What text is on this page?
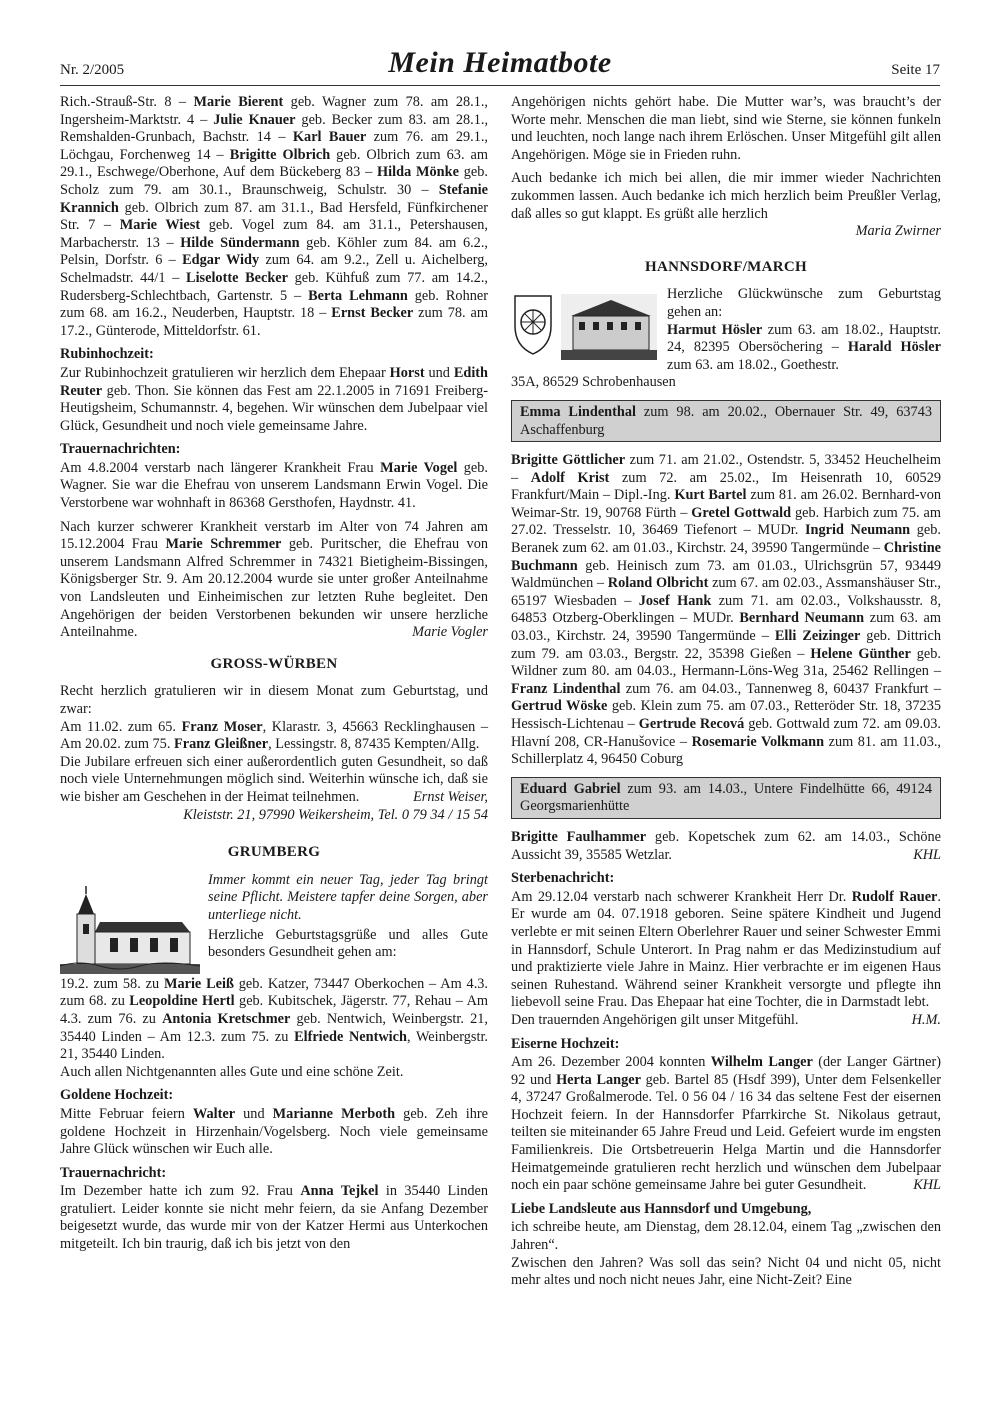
Nr. 2/2005	Mein Heimatbote	Seite 17

Rich.-Strauß-Str. 8 – Marie Bierent geb. Wagner zum 78. am 28.1., Ingersheim-Marktstr. 4 – Julie Knauer geb. Becker zum 83. am 28.1., Remshalden-Grunbach, Bachstr. 14 – Karl Bauer zum 76. am 29.1., Löchgau, Forchenweg 14 – Brigitte Olbrich geb. Olbrich zum 63. am 29.1., Eschwege/Oberhone, Auf dem Bückeberg 83 – Hilda Mönke geb. Scholz zum 79. am 30.1., Braunschweig, Schulstr. 30 – Stefanie Krannich geb. Olbrich zum 87. am 31.1., Bad Hersfeld, Fünfkirchener Str. 7 – Marie Wiest geb. Vogel zum 84. am 31.1., Petershausen, Marbacherstr. 13 – Hilde Sündermann geb. Köhler zum 84. am 6.2., Pelsin, Dorfstr. 6 – Edgar Widy zum 64. am 9.2., Zell u. Aichelberg, Schelmadstr. 44/1 – Liselotte Becker geb. Kühfuß zum 77. am 14.2., Rudersberg-Schlechtbach, Gartenstr. 5 – Berta Lehmann geb. Rohner zum 68. am 16.2., Neuderben, Hauptstr. 18 – Ernst Becker zum 78. am 17.2., Günterode, Mitteldorfstr. 61.

Rubinhochzeit:

Zur Rubinhochzeit gratulieren wir herzlich dem Ehepaar Horst und Edith Reuter geb. Thon. Sie können das Fest am 22.1.2005 in 71691 Freiberg-Heutigsheim, Schumannstr. 4, begehen. Wir wünschen dem Jubelpaar viel Glück, Gesundheit und noch viele gemeinsame Jahre.

Trauernachrichten:

Am 4.8.2004 verstarb nach längerer Krankheit Frau Marie Vogel geb. Wagner. Sie war die Ehefrau von unserem Landsmann Erwin Vogel. Die Verstorbene war wohnhaft in 86368 Gersthofen, Haydnstr. 41.

Nach kurzer schwerer Krankheit verstarb im Alter von 74 Jahren am 15.12.2004 Frau Marie Schremmer geb. Puritscher, die Ehefrau von unserem Landsmann Alfred Schremmer in 74321 Bietigheim-Bissingen, Königsberger Str. 9. Am 20.12.2004 wurde sie unter großer Anteilnahme von Landsleuten und Einheimischen zur letzten Ruhe begleitet. Den Angehörigen der beiden Verstorbenen bekunden wir unsere herzliche Anteilnahme.	Marie Vogler

GROSS-WÜRBEN

Recht herzlich gratulieren wir in diesem Monat zum Geburtstag, und zwar:

Am 11.02. zum 65. Franz Moser, Klarastr. 3, 45663 Recklinghausen – Am 20.02. zum 75. Franz Gleißner, Lessingstr. 8, 87435 Kempten/Allg.

Die Jubilare erfreuen sich einer außerordentlich guten Gesundheit, so daß noch viele Unternehmungen möglich sind. Weiterhin wünsche ich, daß sie wie bisher am Geschehen in der Heimat teilnehmen.	Ernst Weiser,

Kleiststr. 21, 97990 Weikersheim, Tel. 0 79 34 / 15 54
GRUMBERG

Immer kommt ein neuer Tag, jeder Tag bringt seine Pflicht. Meistere tapfer deine Sorgen, aber unterliege nicht.

Herzliche Geburtstagsgrüße und alles Gute besonders Gesundheit gehen am:

19.2. zum 58. zu Marie Leiß geb. Katzer, 73447 Oberkochen – Am 4.3. zum 68. zu Leopoldine Hertl geb. Kubitschek, Jägerstr. 77, Rehau – Am 4.3. zum 76. zu Antonia Kretschmer geb. Nentwich, Weinbergstr. 21, 35440 Linden – Am 12.3. zum 75. zu Elfriede Nentwich, Weinbergstr. 21, 35440 Linden.

Auch allen Nichtgenannten alles Gute und eine schöne Zeit.

Goldene Hochzeit:

Mitte Februar feiern Walter und Marianne Merboth geb. Zeh ihre goldene Hochzeit in Hirzenhain/Vogelsberg. Noch viele gemeinsame Jahre Glück wünschen wir Euch alle.

Trauernachricht:

Im Dezember hatte ich zum 92. Frau Anna Tejkel in 35440 Linden gratuliert. Leider konnte sie nicht mehr feiern, da sie Anfang Dezember beigesetzt wurde, das wurde mir von der Katzer Hermi aus Unterkochen mitgeteilt. Ich bin traurig, daß ich bis jetzt von den

Angehörigen nichts gehört habe. Die Mutter war’s, was braucht’s der Worte mehr. Menschen die man liebt, sind wie Sterne, sie können funkeln und leuchten, noch lange nach ihrem Erlöschen. Unser Mitgefühl gilt allen Angehörigen. Möge sie in Frieden ruhn.

Auch bedanke ich mich bei allen, die mir immer wieder Nachrichten zukommen lassen. Auch bedanke ich mich herzlich beim Preußler Verlag, daß alles so gut klappt. Es grüßt alle herzlich

Maria Zwirner
HANNSDORF/MARCH

Herzliche Glückwünsche zum Geburtstag gehen an:

Harmut Hösler zum 63. am 18.02., Hauptstr. 24, 82395 Obersöchering – Harald Hösler zum 63. am 18.02., Goethestr.

35A, 86529 Schrobenhausen

Emma Lindenthal zum 98. am 20.02., Obernauer Str. 49, 63743 Aschaffenburg

Brigitte Göttlicher zum 71. am 21.02., Ostendstr. 5, 33452 Heuchelheim – Adolf Krist zum 72. am 25.02., Im Heisenrath 10, 60529 Frankfurt/Main – Dipl.-Ing. Kurt Bartel zum 81. am 26.02. Bernhard-von Weimar-Str. 19, 90768 Fürth – Gretel Gottwald geb. Harbich zum 75. am 27.02. Tresselstr. 10, 36469 Tiefenort – MUDr. Ingrid Neumann geb. Beranek zum 62. am 01.03., Kirchstr. 24, 39590 Tangermünde – Christine Buchmann geb. Heinisch zum 73. am 01.03., Ulrichsgrün 57, 93449 Waldmünchen – Roland Olbricht zum 67. am 02.03., Assmanshäuser Str., 65197 Wiesbaden – Josef Hank zum 71. am 02.03., Volkshausstr. 8, 64853 Otzberg-Oberklingen – MUDr. Bernhard Neumann zum 63. am 03.03., Kirchstr. 24, 39590 Tangermünde – Elli Zeizinger geb. Dittrich zum 79. am 03.03., Bergstr. 22, 35398 Gießen – Helene Günther geb. Wildner zum 80. am 04.03., Hermann-Löns-Weg 31a, 25462 Rellingen – Franz Lindenthal zum 76. am 04.03., Tannenweg 8, 60437 Frankfurt – Gertrud Wöske geb. Klein zum 75. am 07.03., Retteröder Str. 18, 37235 Hessisch-Lichtenau – Gertrude Recová geb. Gottwald zum 72. am 09.03. Hlavní 208, CR-Hanušovice – Rosemarie Volkmann zum 81. am 11.03., Schillerplatz 4, 96450 Coburg

Eduard Gabriel zum 93. am 14.03., Untere Findelhütte 66, 49124 Georgsmarienhütte

Brigitte Faulhammer geb. Kopetschek zum 62. am 14.03., Schöne Aussicht 39, 35585 Wetzlar.	KHL

Sterbenachricht:

Am 29.12.04 verstarb nach schwerer Krankheit Herr Dr. Rudolf Rauer. Er wurde am 04. 07.1918 geboren. Seine spätere Kindheit und Jugend verlebte er mit seinen Eltern Oberlehrer Rauer und seiner Schwester Emmi in Hannsdorf, Schule Unterort. In Prag nahm er das Medizinstudium auf und praktizierte viele Jahre in Mainz. Hier verbrachte er im eigenen Haus seinen Ruhestand. Während seiner Krankheit versorgte und pflegte ihn liebevoll seine Frau. Das Ehepaar hat eine Tochter, die in Darmstadt lebt.

Den trauernden Angehörigen gilt unser Mitgefühl.	H.M.

Eiserne Hochzeit:

Am 26. Dezember 2004 konnten Wilhelm Langer (der Langer Gärtner) 92 und Herta Langer geb. Bartel 85 (Hsdf 399), Unter dem Felsenkeller 4, 37247 Großalmerode. Tel. 0 56 04 / 16 34 das seltene Fest der eisernen Hochzeit feiern. In der Hannsdorfer Pfarrkirche St. Nikolaus getraut, teilten sie miteinander 65 Jahre Freud und Leid. Gefeiert wurde im engsten Familienkreis. Die Ortsbetreuerin Helga Martin und die Hannsdorfer Heimatgemeinde gratulieren recht herzlich und wünschen dem Jubelpaar noch ein paar schöne gemeinsame Jahre bei guter Gesundheit.	KHL

Liebe Landsleute aus Hannsdorf und Umgebung,

ich schreibe heute, am Dienstag, dem 28.12.04, einem Tag „zwischen den Jahren“.

Zwischen den Jahren? Was soll das sein? Nicht 04 und nicht 05, nicht mehr altes und noch nicht neues Jahr, eine Nicht-Zeit? Eine
